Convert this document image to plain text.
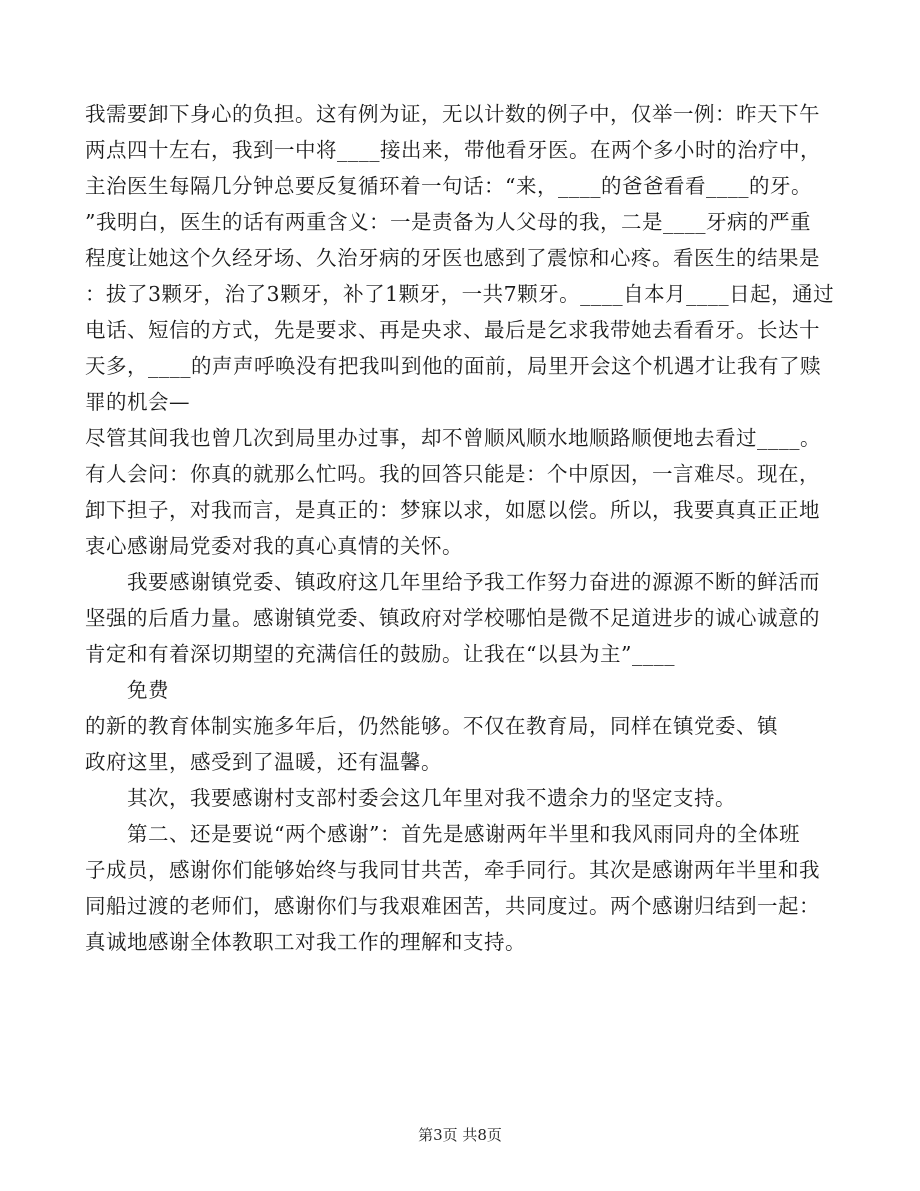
我需要卸下身心的负担。这有例为证，无以计数的例子中，仅举一例：昨天下午
两点四十左右，我到一中将____接出来，带他看牙医。在两个多小时的治疗中，
主治医生每隔几分钟总要反复循环着一句话：“来，____的爸爸看看____的牙。
”我明白，医生的话有两重含义：一是责备为人父母的我，二是____牙病的严重
程度让她这个久经牙场、久治牙病的牙医也感到了震惊和心疼。看医生的结果是
：拔了3颗牙，治了3颗牙，补了1颗牙，一共7颗牙。____自本月____日起，通过
电话、短信的方式，先是要求、再是央求、最后是乞求我带她去看看牙。长达十
天多，____的声声呼唤没有把我叫到他的面前，局里开会这个机遇才让我有了赎
罪的机会—
尽管其间我也曾几次到局里办过事，却不曾顺风顺水地顺路顺便地去看过____。
有人会问：你真的就那么忙吗。我的回答只能是：个中原因，一言难尽。现在，
卸下担子，对我而言，是真正的：梦寐以求，如愿以偿。所以，我要真真正正地
衷心感谢局党委对我的真心真情的关怀。
　　我要感谢镇党委、镇政府这几年里给予我工作努力奋进的源源不断的鲜活而
坚强的后盾力量。感谢镇党委、镇政府对学校哪怕是微不足道进步的诚心诚意的
肯定和有着深切期望的充满信任的鼓励。让我在“以县为主”____
　　免费
的新的教育体制实施多年后，仍然能够。不仅在教育局，同样在镇党委、镇
政府这里，感受到了温暖，还有温馨。
　　其次，我要感谢村支部村委会这几年里对我不遗余力的坚定支持。
　　第二、还是要说“两个感谢”：首先是感谢两年半里和我风雨同舟的全体班
子成员，感谢你们能够始终与我同甘共苦，牵手同行。其次是感谢两年半里和我
同船过渡的老师们，感谢你们与我艰难困苦，共同度过。两个感谢归结到一起：
真诚地感谢全体教职工对我工作的理解和支持。
第3页 共8页
